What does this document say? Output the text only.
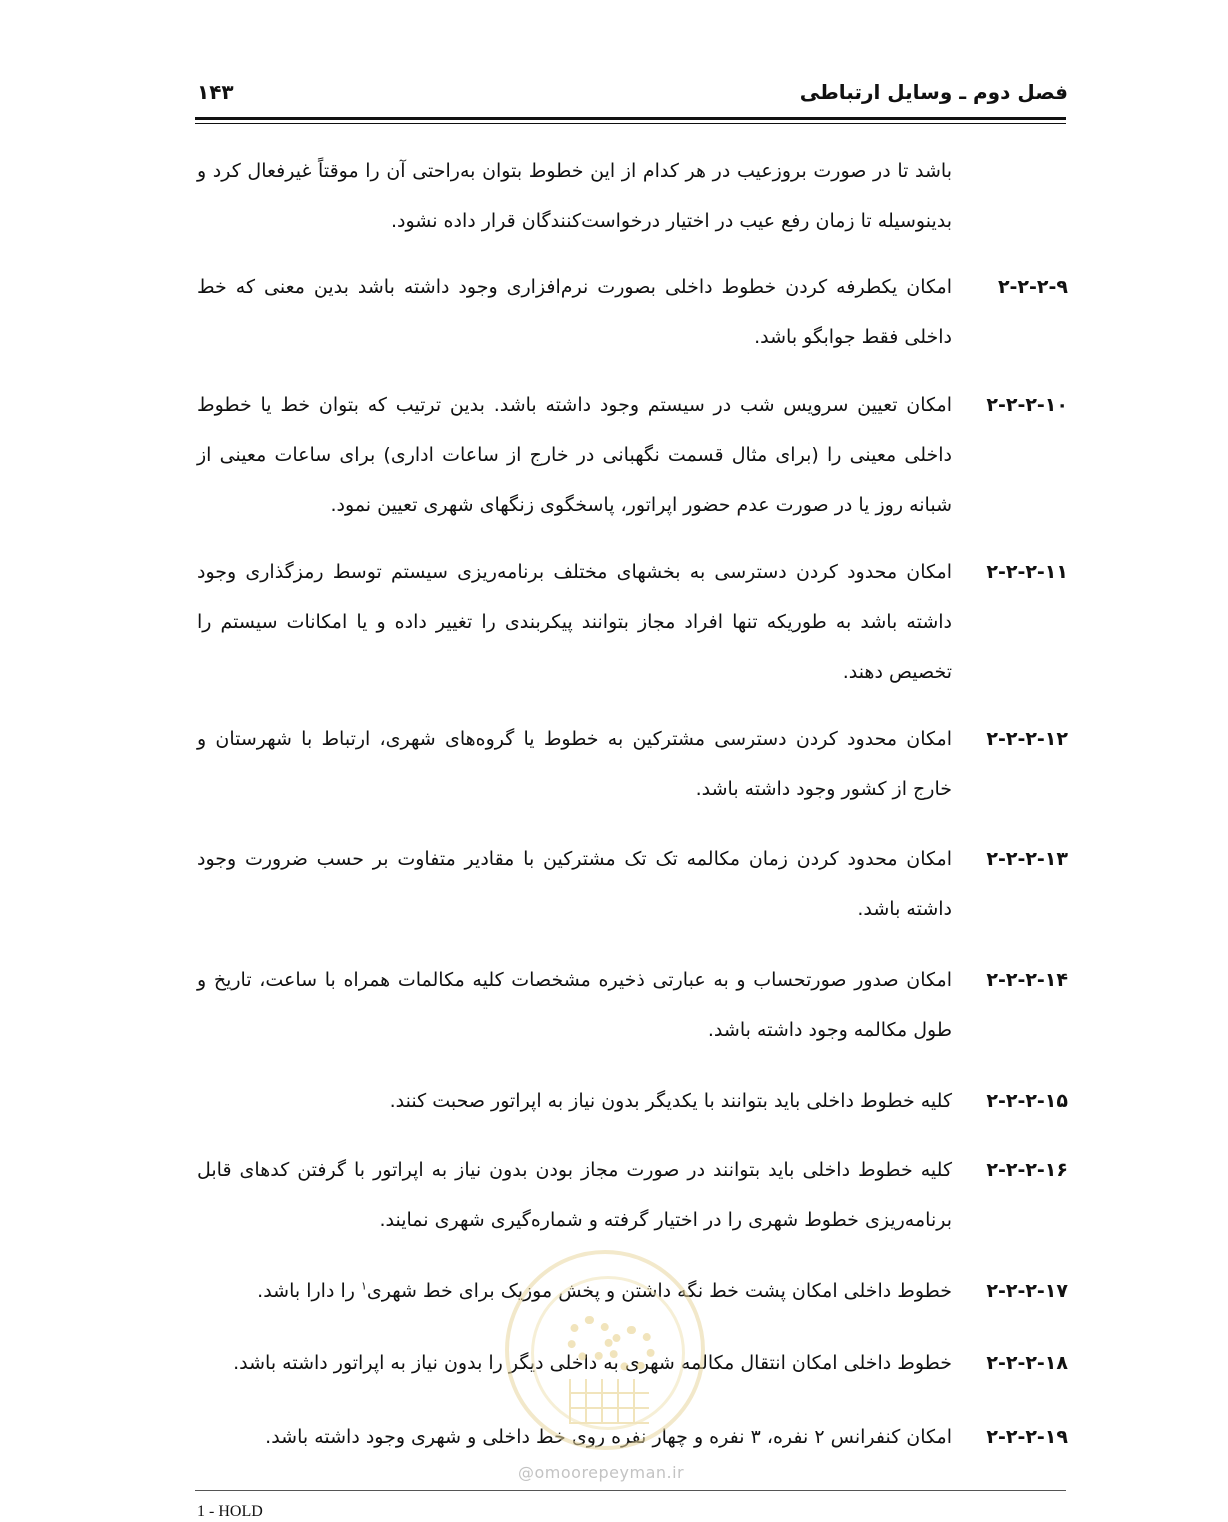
فصل دوم ـ وسایل ارتباطی
۱۴۳
باشد تا در صورت بروزعیب در هر کدام از این خطوط بتوان به‌راحتی آن را موقتاً غیرفعال کرد و بدینوسیله تا زمان رفع عیب در اختیار درخواست‌کنندگان قرار داده نشود.
۲-۲-۲-۹
امکان یکطرفه کردن خطوط داخلی بصورت نرم‌افزاری وجود داشته باشد بدین معنی که خط داخلی فقط جوابگو باشد.
۲-۲-۲-۱۰
امکان تعیین سرویس شب در سیستم وجود داشته باشد. بدین ترتیب که بتوان خط یا خطوط داخلی معینی را (برای مثال قسمت نگهبانی در خارج از ساعات اداری) برای ساعات معینی از شبانه روز یا در صورت عدم حضور اپراتور، پاسخگوی زنگهای شهری تعیین نمود.
۲-۲-۲-۱۱
امکان محدود کردن دسترسی به بخشهای مختلف برنامه‌ریزی سیستم توسط رمزگذاری وجود داشته باشد به طوریکه تنها افراد مجاز بتوانند پیکربندی را تغییر داده و یا امکانات سیستم را تخصیص دهند.
۲-۲-۲-۱۲
امکان محدود کردن دسترسی مشترکین به خطوط یا گروه‌های شهری، ارتباط با شهرستان و خارج از کشور وجود داشته باشد.
۲-۲-۲-۱۳
امکان محدود کردن زمان مکالمه تک تک مشترکین با مقادیر متفاوت بر حسب ضرورت وجود داشته باشد.
۲-۲-۲-۱۴
امکان صدور صورتحساب و به عبارتی ذخیره مشخصات کلیه مکالمات همراه با ساعت، تاریخ و طول مکالمه وجود داشته باشد.
۲-۲-۲-۱۵
کلیه خطوط داخلی باید بتوانند با یکدیگر بدون نیاز به اپراتور صحبت کنند.
۲-۲-۲-۱۶
کلیه خطوط داخلی باید بتوانند در صورت مجاز بودن بدون نیاز به اپراتور با گرفتن کدهای قابل برنامه‌ریزی خطوط شهری را در اختیار گرفته و شماره‌گیری شهری نمایند.
۲-۲-۲-۱۷
خطوط داخلی امکان پشت خط نگه داشتن و پخش موزیک برای خط شهری$^۱$ را دارا باشد.
۲-۲-۲-۱۸
خطوط داخلی امکان انتقال مکالمه شهری به داخلی دیگر را بدون نیاز به اپراتور داشته باشد.
۲-۲-۲-۱۹
امکان کنفرانس ۲ نفره، ۳ نفره و چهار نفره روی خط داخلی و شهری وجود داشته باشد.
@omoorepeyman.ir
1 - HOLD
